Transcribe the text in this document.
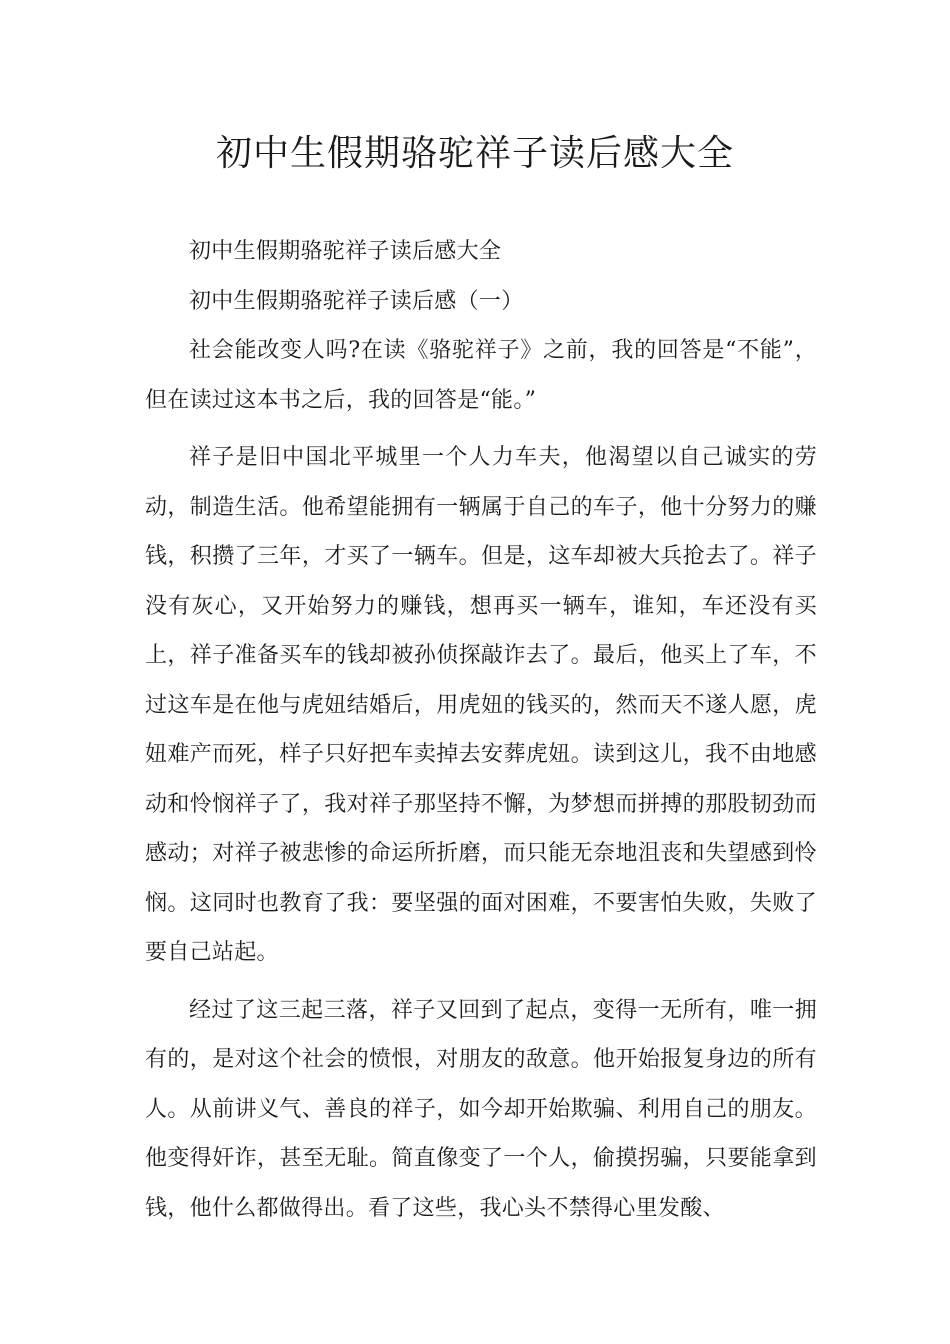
初中生假期骆驼祥子读后感大全

初中生假期骆驼祥子读后感大全

初中生假期骆驼祥子读后感（一）

社会能改变人吗?在读《骆驼祥子》之前，我的回答是“不能”，但在读过这本书之后，我的回答是“能。”

祥子是旧中国北平城里一个人力车夫，他渴望以自己诚实的劳动，制造生活。他希望能拥有一辆属于自己的车子，他十分努力的赚钱，积攒了三年，才买了一辆车。但是，这车却被大兵抢去了。祥子没有灰心，又开始努力的赚钱，想再买一辆车，谁知，车还没有买上，祥子准备买车的钱却被孙侦探敲诈去了。最后，他买上了车，不过这车是在他与虎妞结婚后，用虎妞的钱买的，然而天不遂人愿，虎妞难产而死，样子只好把车卖掉去安葬虎妞。读到这儿，我不由地感动和怜悯祥子了，我对祥子那坚持不懈，为梦想而拼搏的那股韧劲而感动；对祥子被悲惨的命运所折磨，而只能无奈地沮丧和失望感到怜悯。这同时也教育了我：要坚强的面对困难，不要害怕失败，失败了要自己站起。

经过了这三起三落，祥子又回到了起点，变得一无所有，唯一拥有的，是对这个社会的愤恨，对朋友的敌意。他开始报复身边的所有人。从前讲义气、善良的祥子，如今却开始欺骗、利用自己的朋友。他变得奸诈，甚至无耻。简直像变了一个人，偷摸拐骗，只要能拿到钱，他什么都做得出。看了这些，我心头不禁得心里发酸、
